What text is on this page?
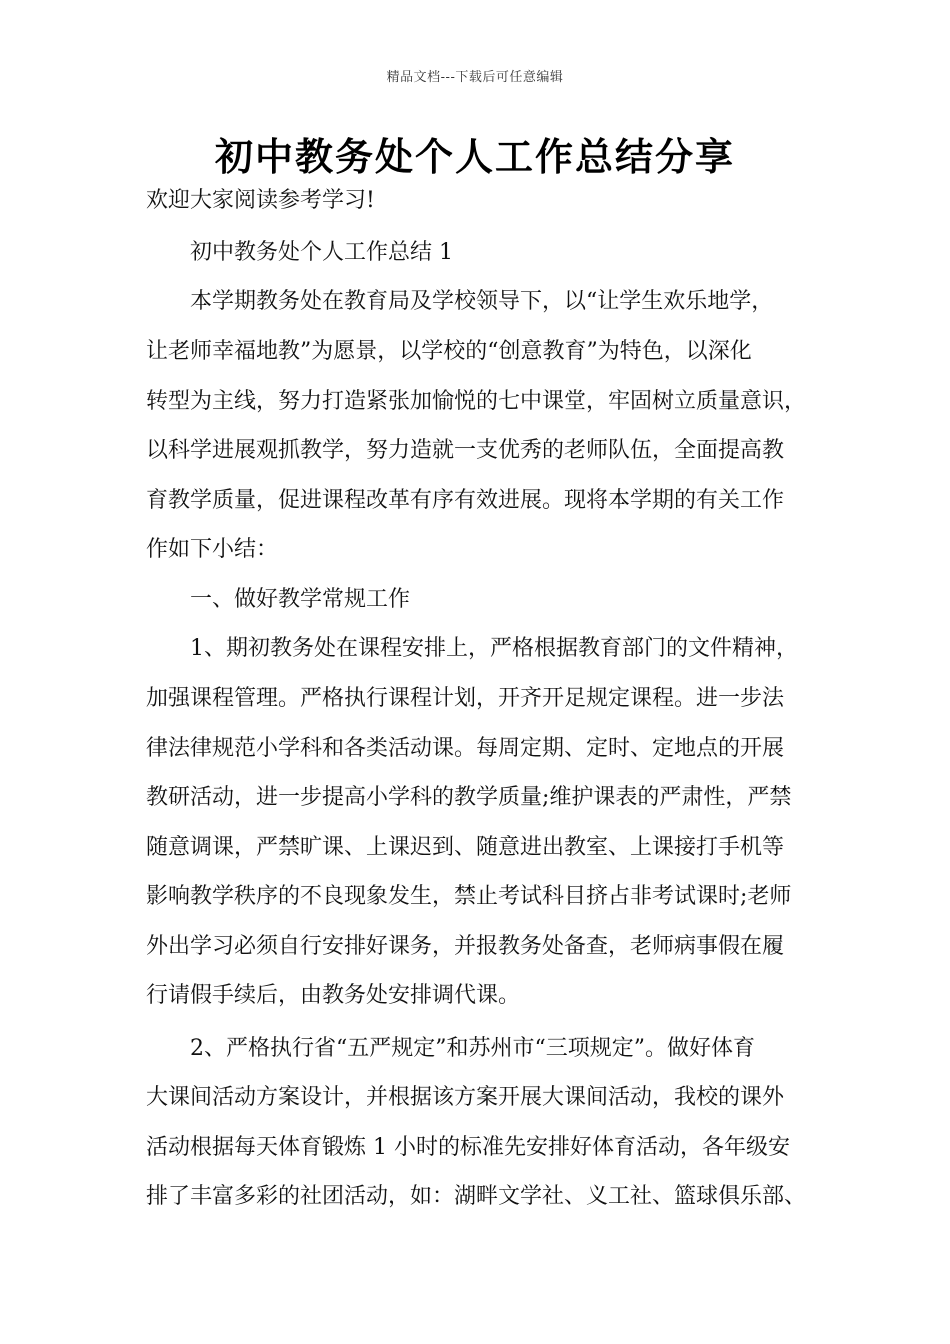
精品文档---下载后可任意编辑
初中教务处个人工作总结分享
欢迎大家阅读参考学习!
初中教务处个人工作总结 1
本学期教务处在教育局及学校领导下，以“让学生欢乐地学，
让老师幸福地教”为愿景，以学校的“创意教育”为特色，以深化
转型为主线，努力打造紧张加愉悦的七中课堂，牢固树立质量意识，
以科学进展观抓教学，努力造就一支优秀的老师队伍，全面提高教
育教学质量，促进课程改革有序有效进展。现将本学期的有关工作
作如下小结：
一、做好教学常规工作
1、期初教务处在课程安排上，严格根据教育部门的文件精神，
加强课程管理。严格执行课程计划，开齐开足规定课程。进一步法
律法律规范小学科和各类活动课。每周定期、定时、定地点的开展
教研活动，进一步提高小学科的教学质量;维护课表的严肃性，严禁
随意调课，严禁旷课、上课迟到、随意进出教室、上课接打手机等
影响教学秩序的不良现象发生，禁止考试科目挤占非考试课时;老师
外出学习必须自行安排好课务，并报教务处备查，老师病事假在履
行请假手续后，由教务处安排调代课。
2、严格执行省“五严规定”和苏州市“三项规定”。做好体育
大课间活动方案设计，并根据该方案开展大课间活动，我校的课外
活动根据每天体育锻炼 1 小时的标准先安排好体育活动，各年级安
排了丰富多彩的社团活动，如：湖畔文学社、义工社、篮球俱乐部、
